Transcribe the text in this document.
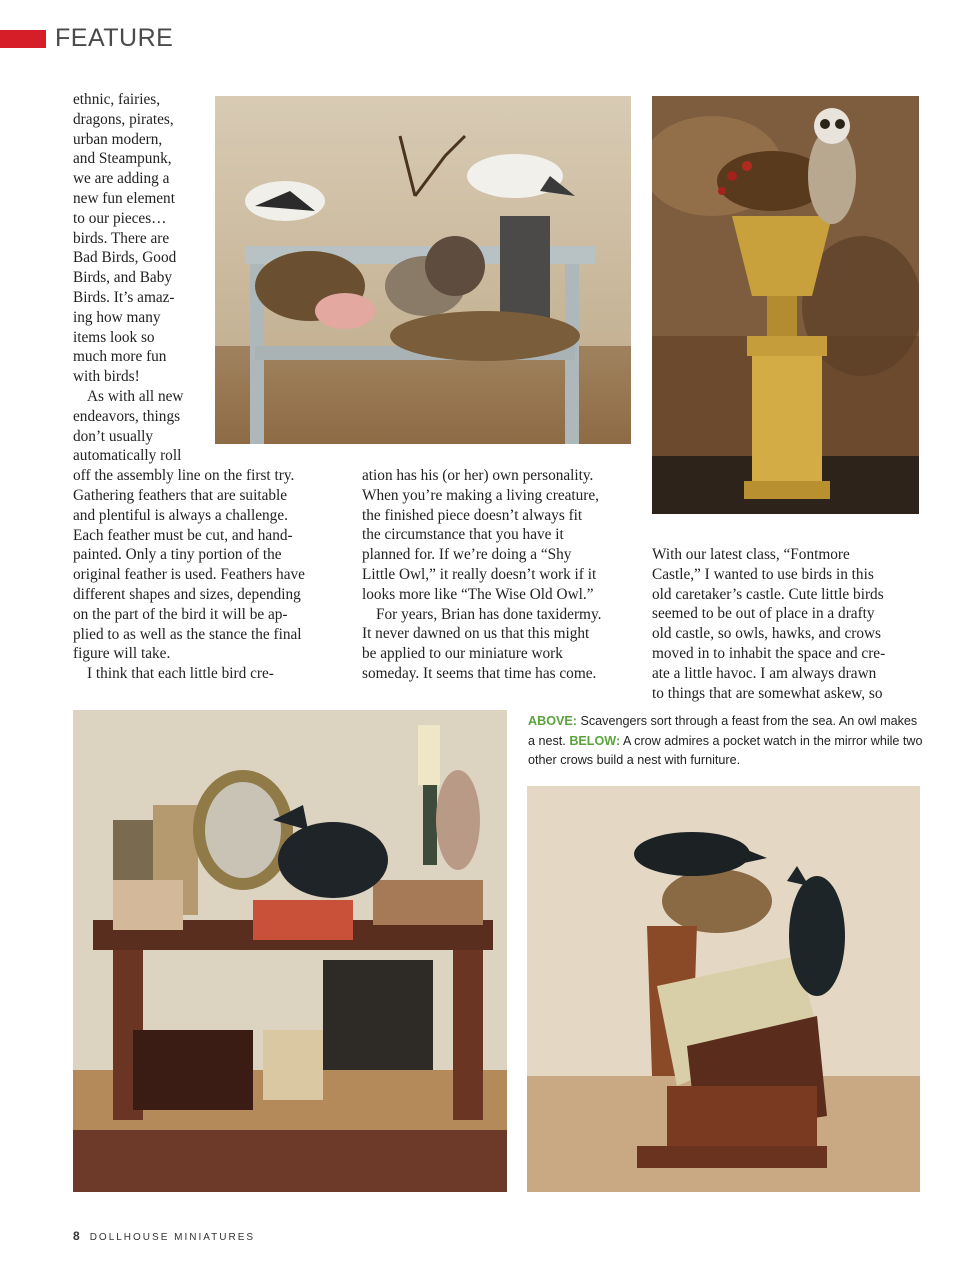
FEATURE
ethnic, fairies,
dragons, pirates,
urban modern,
and Steampunk,
we are adding a
new fun element
to our pieces…
birds. There are
Bad Birds, Good
Birds, and Baby
Birds. It’s amaz-
ing how many
items look so
much more fun
with birds!
As with all new
endeavors, things
don’t usually
automatically roll
off the assembly line on the first try.
Gathering feathers that are suitable
and plentiful is always a challenge.
Each feather must be cut, and hand-
painted. Only a tiny portion of the
original feather is used. Feathers have
different shapes and sizes, depending
on the part of the bird it will be ap-
plied to as well as the stance the final
figure will take.
I think that each little bird cre-
ation has his (or her) own personality.
When you’re making a living creature,
the finished piece doesn’t always fit
the circumstance that you have it
planned for. If we’re doing a “Shy
Little Owl,” it really doesn’t work if it
looks more like “The Wise Old Owl.”
For years, Brian has done taxidermy.
It never dawned on us that this might
be applied to our miniature work
someday. It seems that time has come.
With our latest class, “Fontmore
Castle,” I wanted to use birds in this
old caretaker’s castle. Cute little birds
seemed to be out of place in a drafty
old castle, so owls, hawks, and crows
moved in to inhabit the space and cre-
ate a little havoc. I am always drawn
to things that are somewhat askew, so
ABOVE: Scavengers sort through a feast from the sea. An owl makes a nest. BELOW: A crow admires a pocket watch in the mirror while two other crows build a nest with furniture.
8 DOLLHOUSE MINIATURES
